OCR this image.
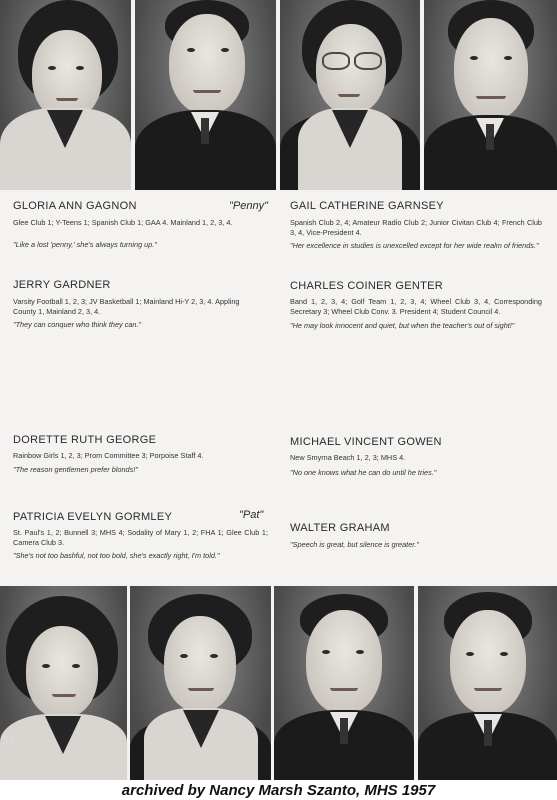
GLORIA ANN GAGNON	"Penny"
Glee Club 1; Y-Teens 1; Spanish Club 1; GAA 4. Mainland 1, 2, 3, 4.
"Like a lost 'penny,' she's always turning up."
GAIL CATHERINE GARNSEY
Spanish Club 2, 4; Amateur Radio Club 2; Junior Civitan Club 4; French Club 3, 4, Vice-President 4.
"Her excellence in studies is unexcelled except for her wide realm of friends."
JERRY GARDNER
Varsity Football 1, 2, 3; JV Basketball 1; Mainland Hi-Y 2, 3, 4. Appling County 1, Mainland 2, 3, 4.
"They can conquer who think they can."
CHARLES COINER GENTER
Band 1, 2, 3, 4; Golf Team 1, 2, 3, 4; Wheel Club 3, 4, Corresponding Secretary 3; Wheel Club Conv. 3. President 4; Student Council 4.
"He may look innocent and quiet, but when the teacher's out of sight!"
DORETTE RUTH GEORGE
Rainbow Girls 1, 2, 3; Prom Committee 3; Porpoise Staff 4.
"The reason gentlemen prefer blonds!"
MICHAEL VINCENT GOWEN
New Smyrna Beach 1, 2, 3; MHS 4.
"No one knows what he can do until he tries."
PATRICIA EVELYN GORMLEY	"Pat"
St. Paul's 1, 2; Bunnell 3; MHS 4; Sodality of Mary 1, 2; FHA 1; Glee Club 1; Camera Club 3.
"She's not too bashful, not too bold, she's exactly right, I'm told."
WALTER GRAHAM
"Speech is great, but silence is greater."
28
archived by Nancy Marsh Szanto, MHS 1957
